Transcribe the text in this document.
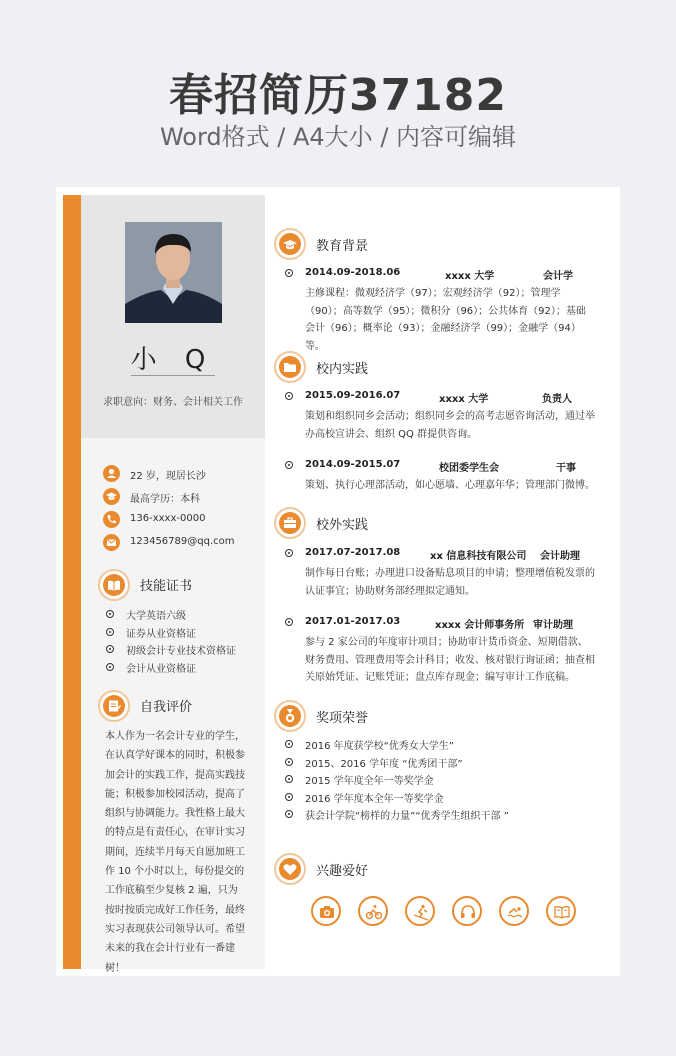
春招简历37182
Word格式 / A4大小 / 内容可编辑
小 Q
求职意向：财务、会计相关工作
22 岁，现居长沙
最高学历：本科
136-xxxx-0000
123456789@qq.com
技能证书
大学英语六级
证券从业资格证
初级会计专业技术资格证
会计从业资格证
自我评价
本人作为一名会计专业的学生，在认真学好课本的同时，积极参加会计的实践工作，提高实践技能；积极参加校园活动，提高了组织与协调能力。我性格上最大的特点是有责任心，在审计实习期间，连续半月每天自愿加班工作 10 个小时以上，每份提交的工作底稿至少复核 2 遍，只为按时按质完成好工作任务，最终实习表现获公司领导认可。希望未来的我在会计行业有一番建树！
教育背景
2014.09-2018.06	xxxx 大学	会计学
主修课程：微观经济学（97）；宏观经济学（92）；管理学（90）；高等数学（95）；微积分（96）；公共体育（92）；基础会计（96）；概率论（93）；金融经济学（99）；金融学（94）等。
校内实践
2015.09-2016.07	xxxx 大学	负责人
策划和组织同乡会活动；组织同乡会的高考志愿咨询活动，通过举办高校宣讲会、组织 QQ 群提供咨询。
2014.09-2015.07	校团委学生会	干事
策划、执行心理部活动，如心愿墙、心理嘉年华；管理部门微博。
校外实践
2017.07-2017.08	xx 信息科技有限公司 会计助理
制作每日台账；办理进口设备贴息项目的申请；整理增值税发票的认证事宜；协助财务部经理拟定通知。
2017.01-2017.03	xxxx 会计师事务所 审计助理
参与 2 家公司的年度审计项目；协助审计货币资金、短期借款、财务费用、管理费用等会计科目；收发、核对银行询证函；抽查相关原始凭证、记账凭证；盘点库存现金；编写审计工作底稿。
奖项荣誉
2016 年度获学校“优秀女大学生”
2015、2016 学年度 “优秀团干部”
2015 学年度全年一等奖学金
2016 学年度本全年一等奖学金
获会计学院“榜样的力量”“优秀学生组织干部 ”
兴趣爱好
